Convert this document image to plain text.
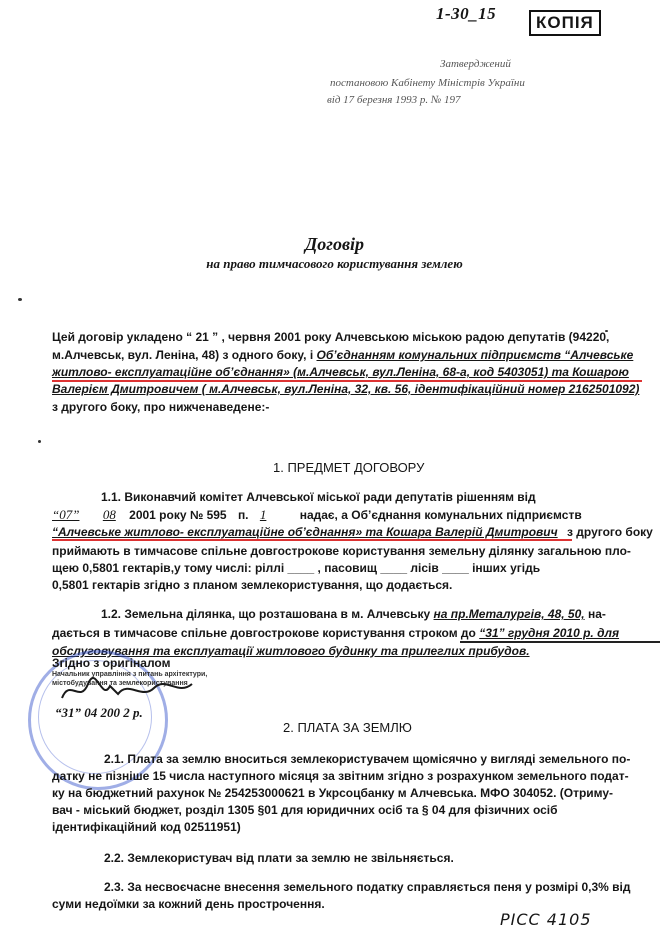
1-30_15	КОПІЯ
Затверджений
постановою Кабінету Міністрів України
від 17 березня 1993 р. № 197
Договір
на право тимчасового користування землею
Цей договір укладено “ 21 ” , червня 2001 року Алчевською міською радою депутатів (94220,
м.Алчевськ, вул. Леніна, 48) з одного боку, і Об’єднанням комунальних підприємств “Алчевське
житлово- експлуатаційне об’єднання» (м.Алчевськ, вул.Леніна, 68-а, код 5403051) та Кошарою
Валерієм Дмитровичем ( м.Алчевськ, вул.Леніна, 32, кв. 56, ідентифікаційний номер 2162501092)
з другого боку, про нижченаведене:-
1. ПРЕДМЕТ ДОГОВОРУ
1.1. Виконавчий комітет Алчевської міської ради депутатів рішенням від
“07” 08 2001 року № 595 п. 1	надає, а Об’єднання комунальних підприємств
“Алчевське житлово- експлуатаційне об’єднання» та Кошара Валерій Дмитрович з другого боку
приймають в тимчасове спільне довгострокове користування земельну ділянку загальною пло-
щею 0,5801 гектарів,у тому числі: ріллі ____ , пасовищ ____ лісів ____ інших угідь
0,5801 гектарів згідно з планом землекористування, що додається.
1.2. Земельна ділянка, що розташована в м. Алчевську на пр.Металургів, 48, 50, на-
дається в тимчасове спільне довгострокове користування строком до “31” грудня 2010 р. для
обслуговування та експлуатації житлового будинку та прилеглих прибудов.
Згідно з оригіналом
Начальник управління з питань архітектури,
містобудування та землекористування
“31” 04 200 2 р.
2. ПЛАТА ЗА ЗЕМЛЮ
2.1. Плата за землю вноситься землекористувачем щомісячно у вигляді земельного по-
датку не пізніше 15 числа наступного місяця за звітним згідно з розрахунком земельного подат-
ку на бюджетний рахунок № 254253000621 в Укрсоцбанку м Алчевська. МФО 304052. (Отриму-
вач - міський бюджет, розділ 1305 §01 для юридичних осіб та § 04 для фізичних осіб
ідентифікаційний код 02511951)
2.2. Землекористувач від плати за землю не звільняється.
2.3. За несвоєчасне внесення земельного податку справляється пеня у розмірі 0,3% від
суми недоїмки за кожний день прострочення.
РІСС 4105
